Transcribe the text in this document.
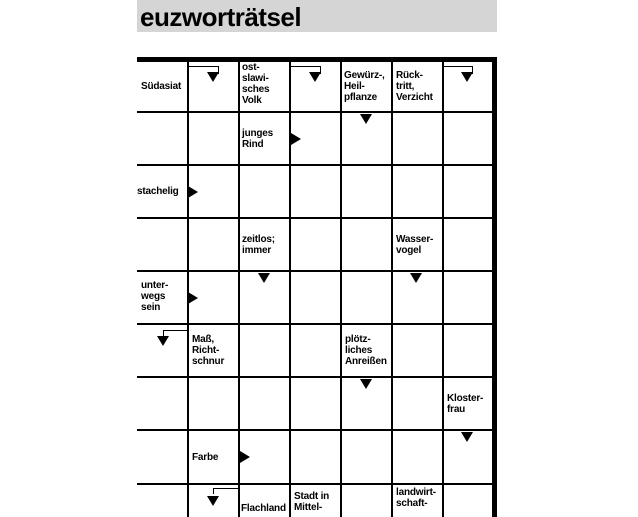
euzworträtsel
Südasiat
ost-
slawi-
sches
Volk
Gewürz-,
Heil-
pflanze
Rück-
tritt,
Verzicht
junges
Rind
stachelig
zeitlos;
immer
Wasser-
vogel
unter-
wegs
sein
Maß,
Richt-
schnur
plötz-
liches
Anreißen
Kloster-
frau
Farbe
Flachland
Stadt in
Mittel-
landwirt-
schaft-
